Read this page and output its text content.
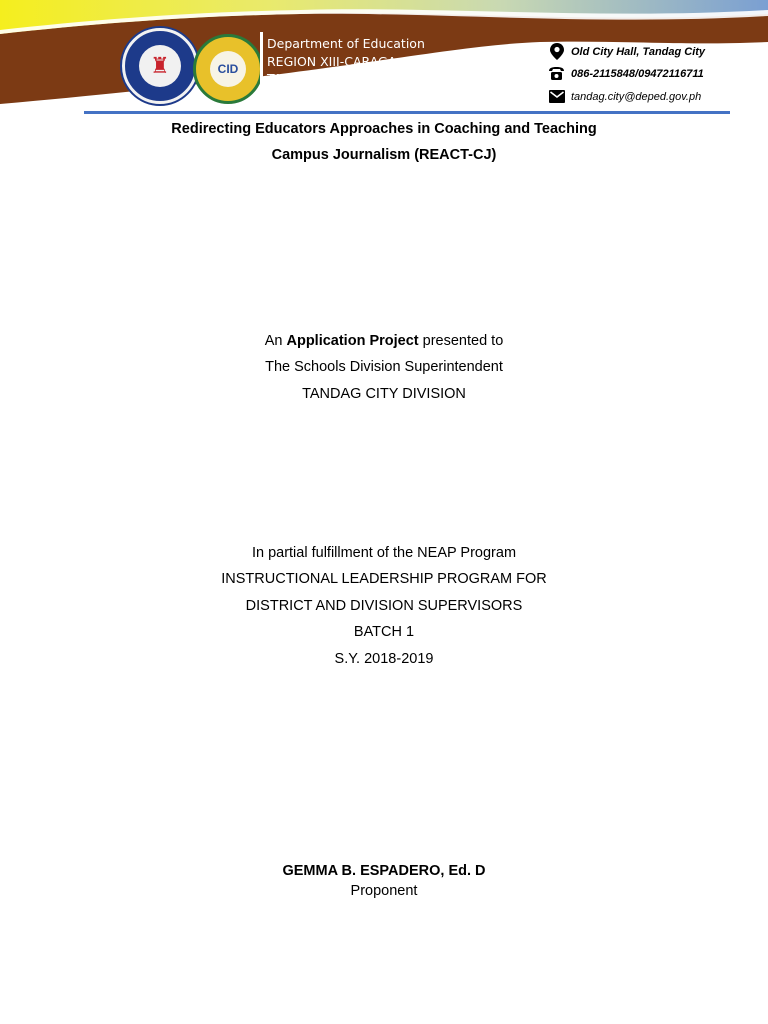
♜	CID
Department of Education
REGION XIII-CARAGA
TANDAG CITY DIVISION
Old City Hall, Tandag City
086-2115848/09472116711
tandag.city@deped.gov.ph
Redirecting Educators Approaches in Coaching and Teaching
Campus Journalism (REACT-CJ)
An Application Project presented to
The Schools Division Superintendent
TANDAG CITY DIVISION
In partial fulfillment of the NEAP Program
INSTRUCTIONAL LEADERSHIP PROGRAM FOR
DISTRICT AND DIVISION SUPERVISORS
BATCH 1
S.Y. 2018-2019
GEMMA B. ESPADERO, Ed. D
Proponent
